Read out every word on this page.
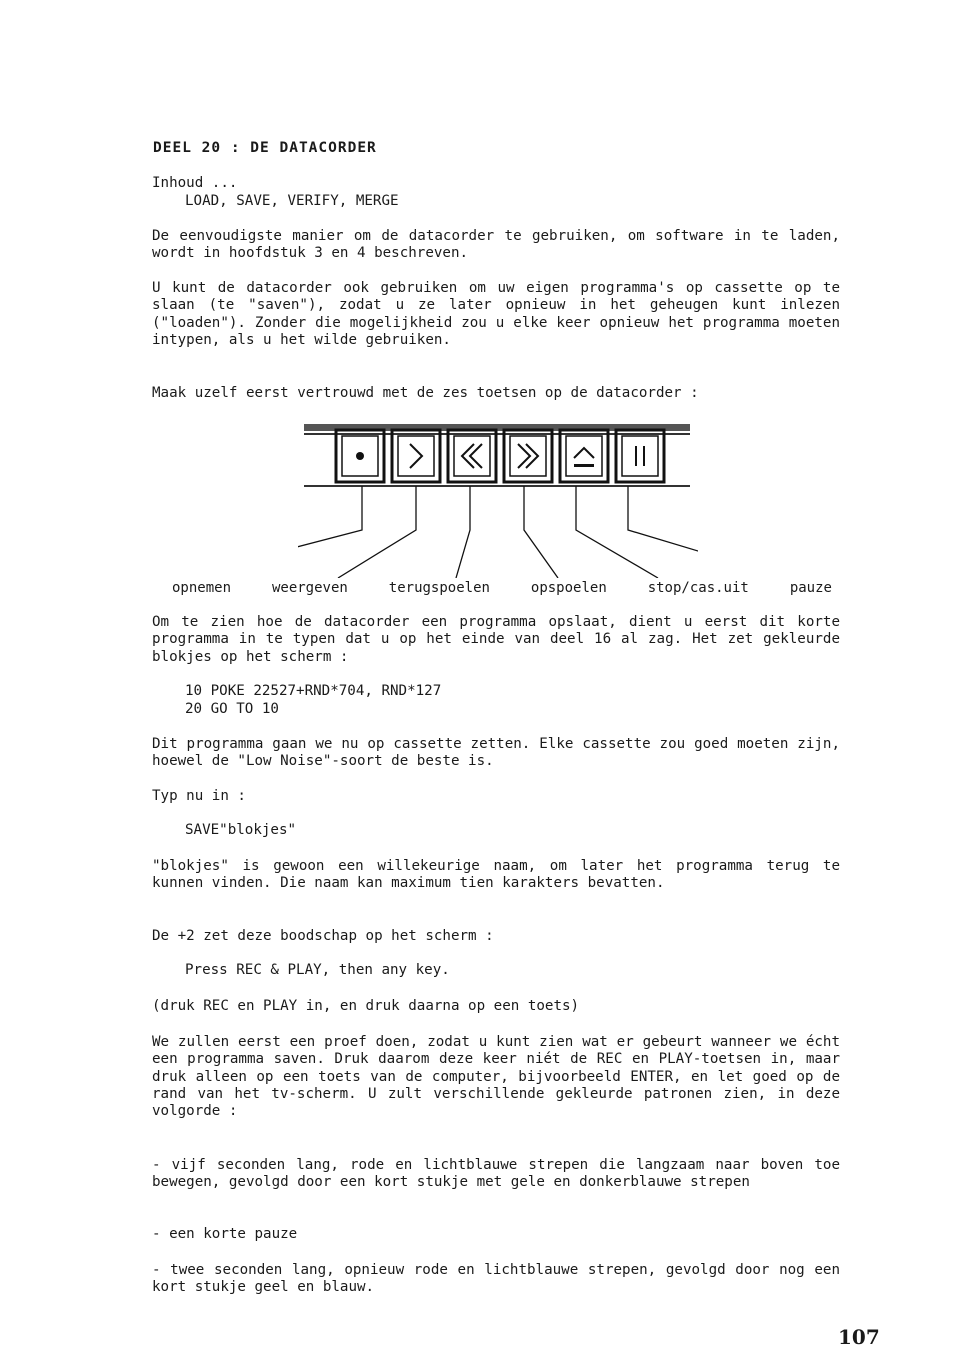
DEEL 20 : DE DATACORDER
Inhoud ...
LOAD, SAVE, VERIFY, MERGE
De eenvoudigste manier om de datacorder te gebruiken, om software in te laden, wordt in hoofdstuk 3 en 4 beschreven.
U kunt de datacorder ook gebruiken om uw eigen programma's op cassette op te slaan (te "saven"), zodat u ze later opnieuw in het geheugen kunt inlezen ("loaden"). Zonder die mogelijkheid zou u elke keer opnieuw het programma moeten intypen, als u het wilde gebruiken.
Maak uzelf eerst vertrouwd met de zes toetsen op de datacorder :
opnemen	weergeven	terugspoelen	opspoelen	stop/cas.uit	pauze
Om te zien hoe de datacorder een programma opslaat, dient u eerst dit korte programma in te typen dat u op het einde van deel 16 al zag. Het zet gekleurde blokjes op het scherm :
10 POKE 22527+RND*704, RND*127
20 GO TO 10
Dit programma gaan we nu op cassette zetten. Elke cassette zou goed moeten zijn, hoewel de "Low Noise"-soort de beste is.
Typ nu in :
SAVE"blokjes"
"blokjes" is gewoon een willekeurige naam, om later het programma terug te kunnen vinden. Die naam kan maximum tien karakters bevatten.
De +2 zet deze boodschap op het scherm :
Press REC & PLAY, then any key.
(druk REC en PLAY in, en druk daarna op een toets)
We zullen eerst een proef doen, zodat u kunt zien wat er gebeurt wanneer we écht een programma saven. Druk daarom deze keer niét de REC en PLAY-toetsen in, maar druk alleen op een toets van de computer, bijvoorbeeld ENTER, en let goed op de rand van het tv-scherm. U zult verschillende gekleurde patronen zien, in deze volgorde :
- vijf seconden lang, rode en lichtblauwe strepen die langzaam naar boven toe bewegen, gevolgd door een kort stukje met gele en donkerblauwe strepen
- een korte pauze
- twee seconden lang, opnieuw rode en lichtblauwe strepen, gevolgd door nog een kort stukje geel en blauw.
107
